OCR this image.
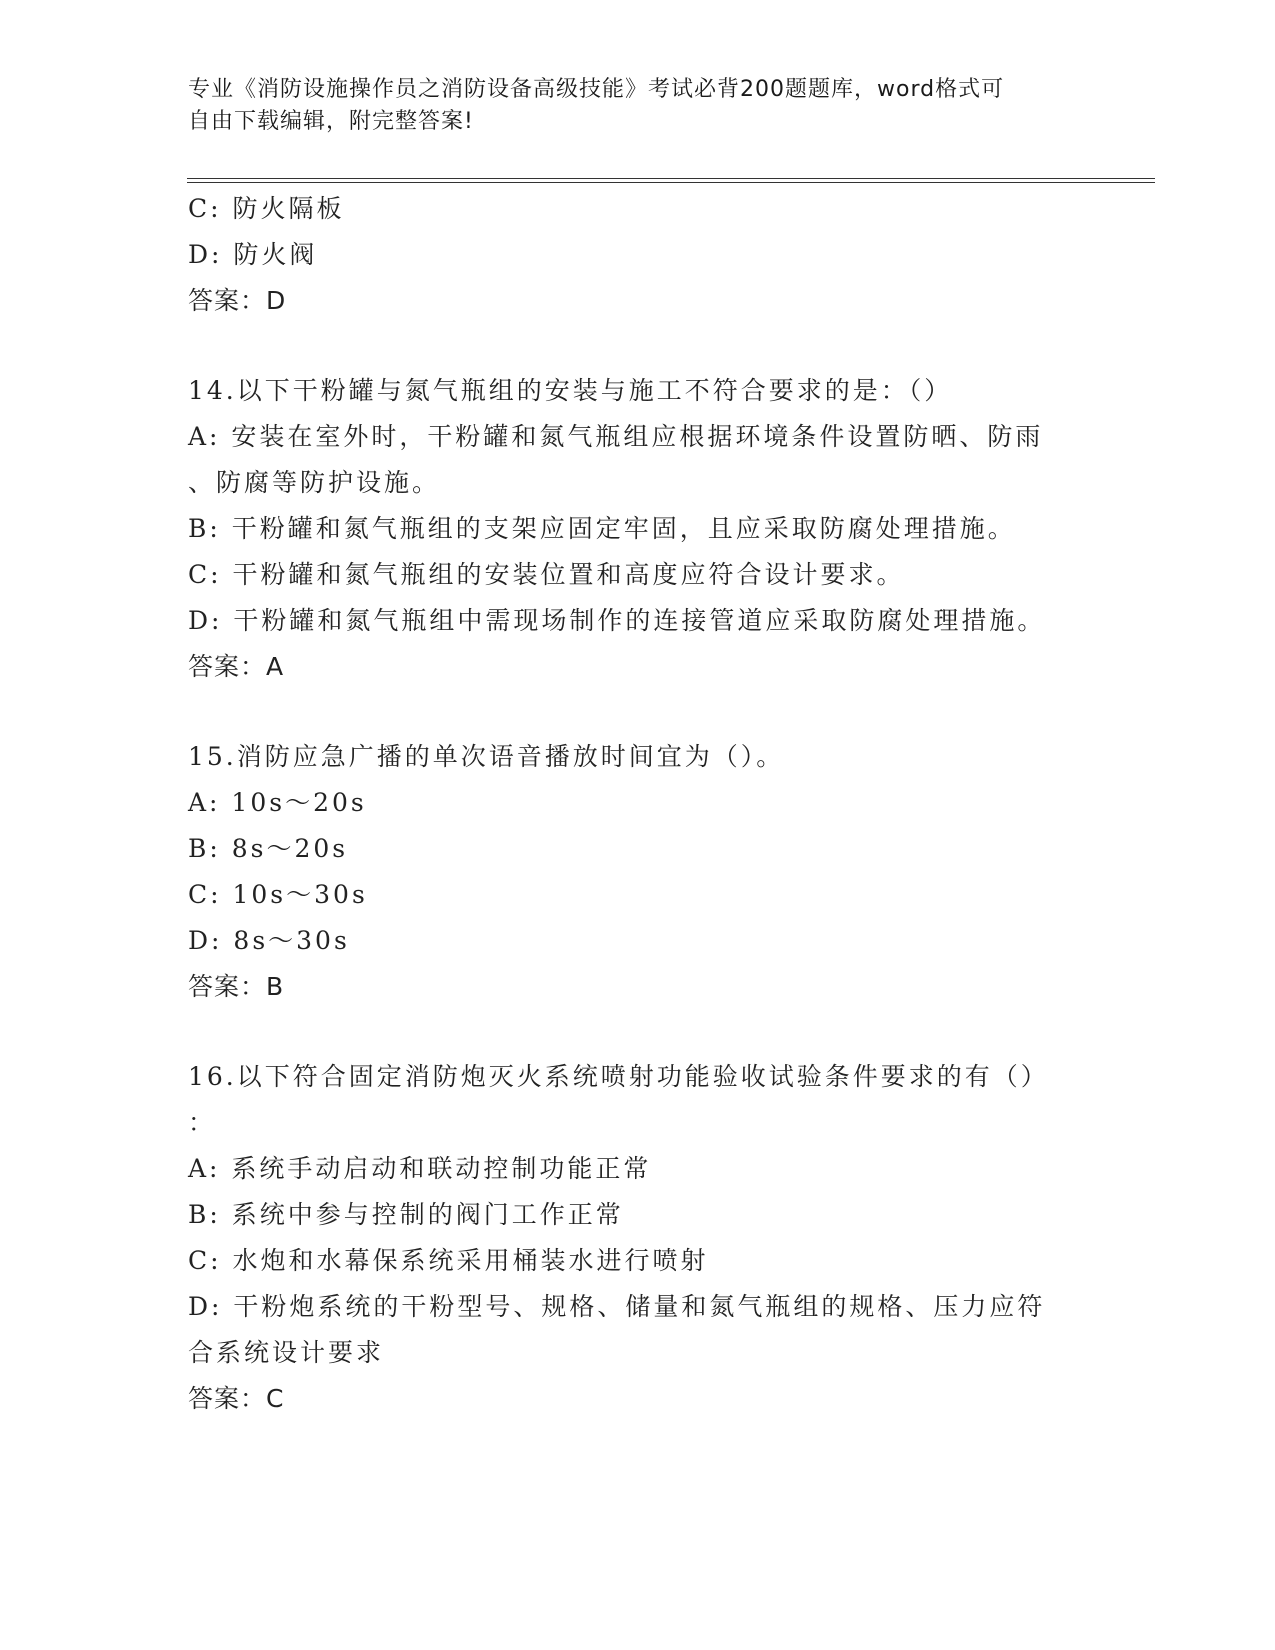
专业《消防设施操作员之消防设备高级技能》考试必背200题题库，word格式可
自由下载编辑，附完整答案!
C: 防火隔板
D: 防火阀
答案：D
14.以下干粉罐与氮气瓶组的安装与施工不符合要求的是：（）
A: 安装在室外时，干粉罐和氮气瓶组应根据环境条件设置防晒、防雨
、防腐等防护设施。
B: 干粉罐和氮气瓶组的支架应固定牢固，且应采取防腐处理措施。
C: 干粉罐和氮气瓶组的安装位置和高度应符合设计要求。
D: 干粉罐和氮气瓶组中需现场制作的连接管道应采取防腐处理措施。
答案：A
15.消防应急广播的单次语音播放时间宜为（）。
A: 10s～20s
B: 8s～20s
C: 10s～30s
D: 8s～30s
答案：B
16.以下符合固定消防炮灭火系统喷射功能验收试验条件要求的有（）
：
A: 系统手动启动和联动控制功能正常
B: 系统中参与控制的阀门工作正常
C: 水炮和水幕保系统采用桶装水进行喷射
D: 干粉炮系统的干粉型号、规格、储量和氮气瓶组的规格、压力应符
合系统设计要求
答案：C
